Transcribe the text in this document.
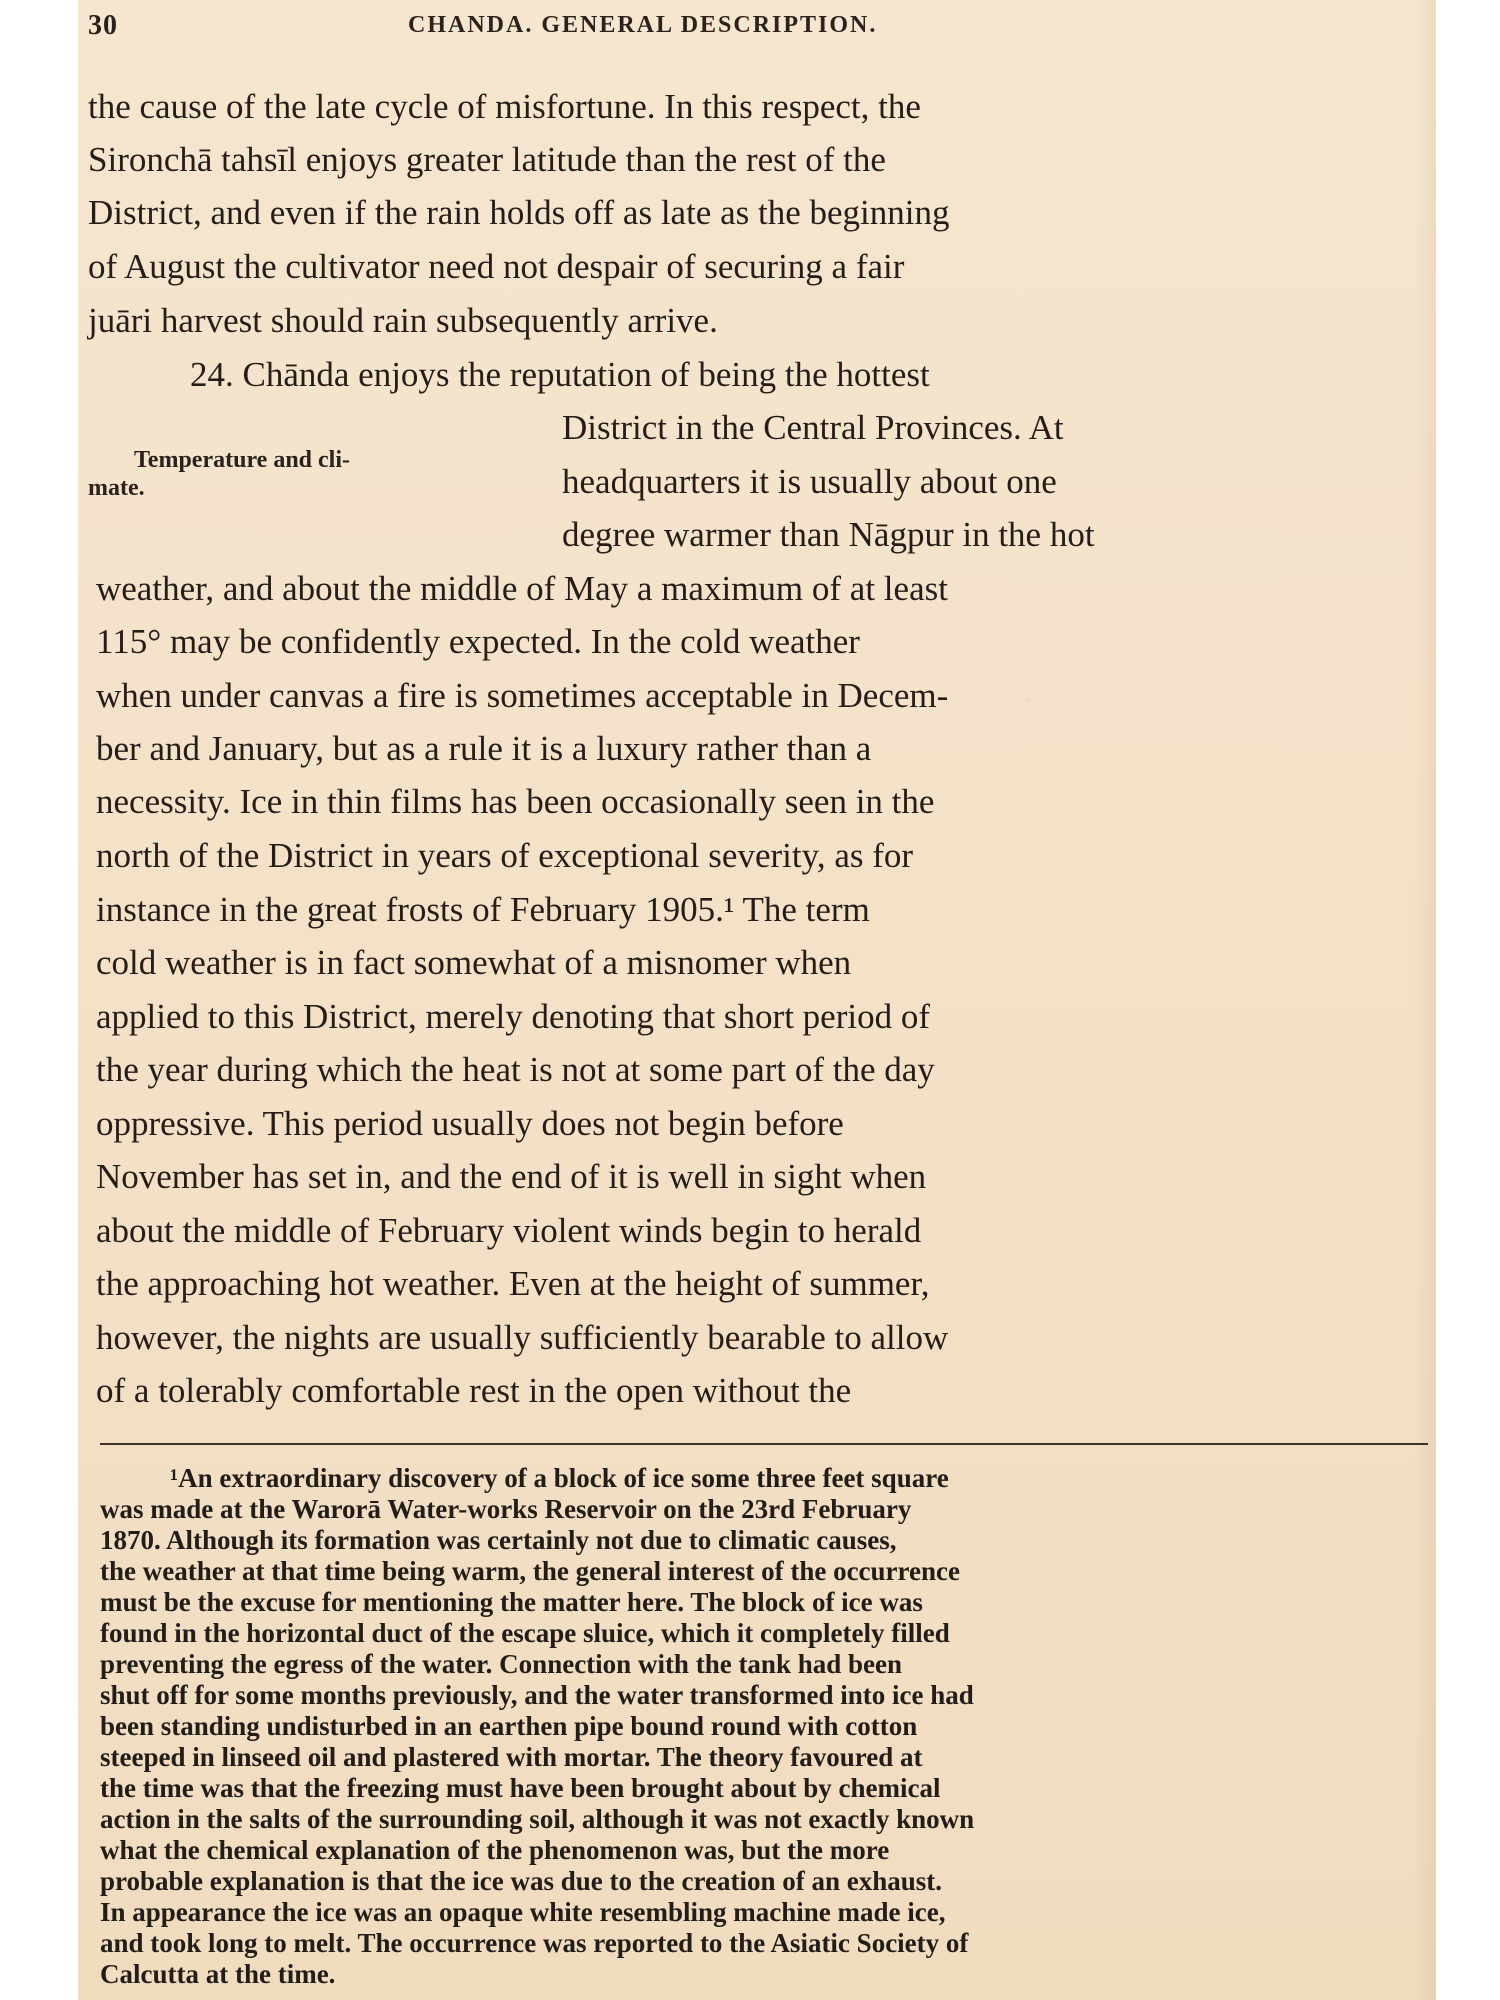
30	CHANDA. GENERAL DESCRIPTION.
Temperature and cli-
mate.
the cause of the late cycle of misfortune. In this respect, the
Sironchā tahsīl enjoys greater latitude than the rest of the
District, and even if the rain holds off as late as the beginning
of August the cultivator need not despair of securing a fair
juāri harvest should rain subsequently arrive.
24. Chānda enjoys the reputation of being the hottest
District in the Central Provinces. At
headquarters it is usually about one
degree warmer than Nāgpur in the hot
weather, and about the middle of May a maximum of at least
115° may be confidently expected. In the cold weather
when under canvas a fire is sometimes acceptable in Decem-
ber and January, but as a rule it is a luxury rather than a
necessity. Ice in thin films has been occasionally seen in the
north of the District in years of exceptional severity, as for
instance in the great frosts of February 1905.¹ The term
cold weather is in fact somewhat of a misnomer when
applied to this District, merely denoting that short period of
the year during which the heat is not at some part of the day
oppressive. This period usually does not begin before
November has set in, and the end of it is well in sight when
about the middle of February violent winds begin to herald
the approaching hot weather. Even at the height of summer,
however, the nights are usually sufficiently bearable to allow
of a tolerably comfortable rest in the open without the
¹An extraordinary discovery of a block of ice some three feet square
was made at the Warorā Water-works Reservoir on the 23rd February
1870. Although its formation was certainly not due to climatic causes,
the weather at that time being warm, the general interest of the occurrence
must be the excuse for mentioning the matter here. The block of ice was
found in the horizontal duct of the escape sluice, which it completely filled
preventing the egress of the water. Connection with the tank had been
shut off for some months previously, and the water transformed into ice had
been standing undisturbed in an earthen pipe bound round with cotton
steeped in linseed oil and plastered with mortar. The theory favoured at
the time was that the freezing must have been brought about by chemical
action in the salts of the surrounding soil, although it was not exactly known
what the chemical explanation of the phenomenon was, but the more
probable explanation is that the ice was due to the creation of an exhaust.
In appearance the ice was an opaque white resembling machine made ice,
and took long to melt. The occurrence was reported to the Asiatic Society of
Calcutta at the time.
